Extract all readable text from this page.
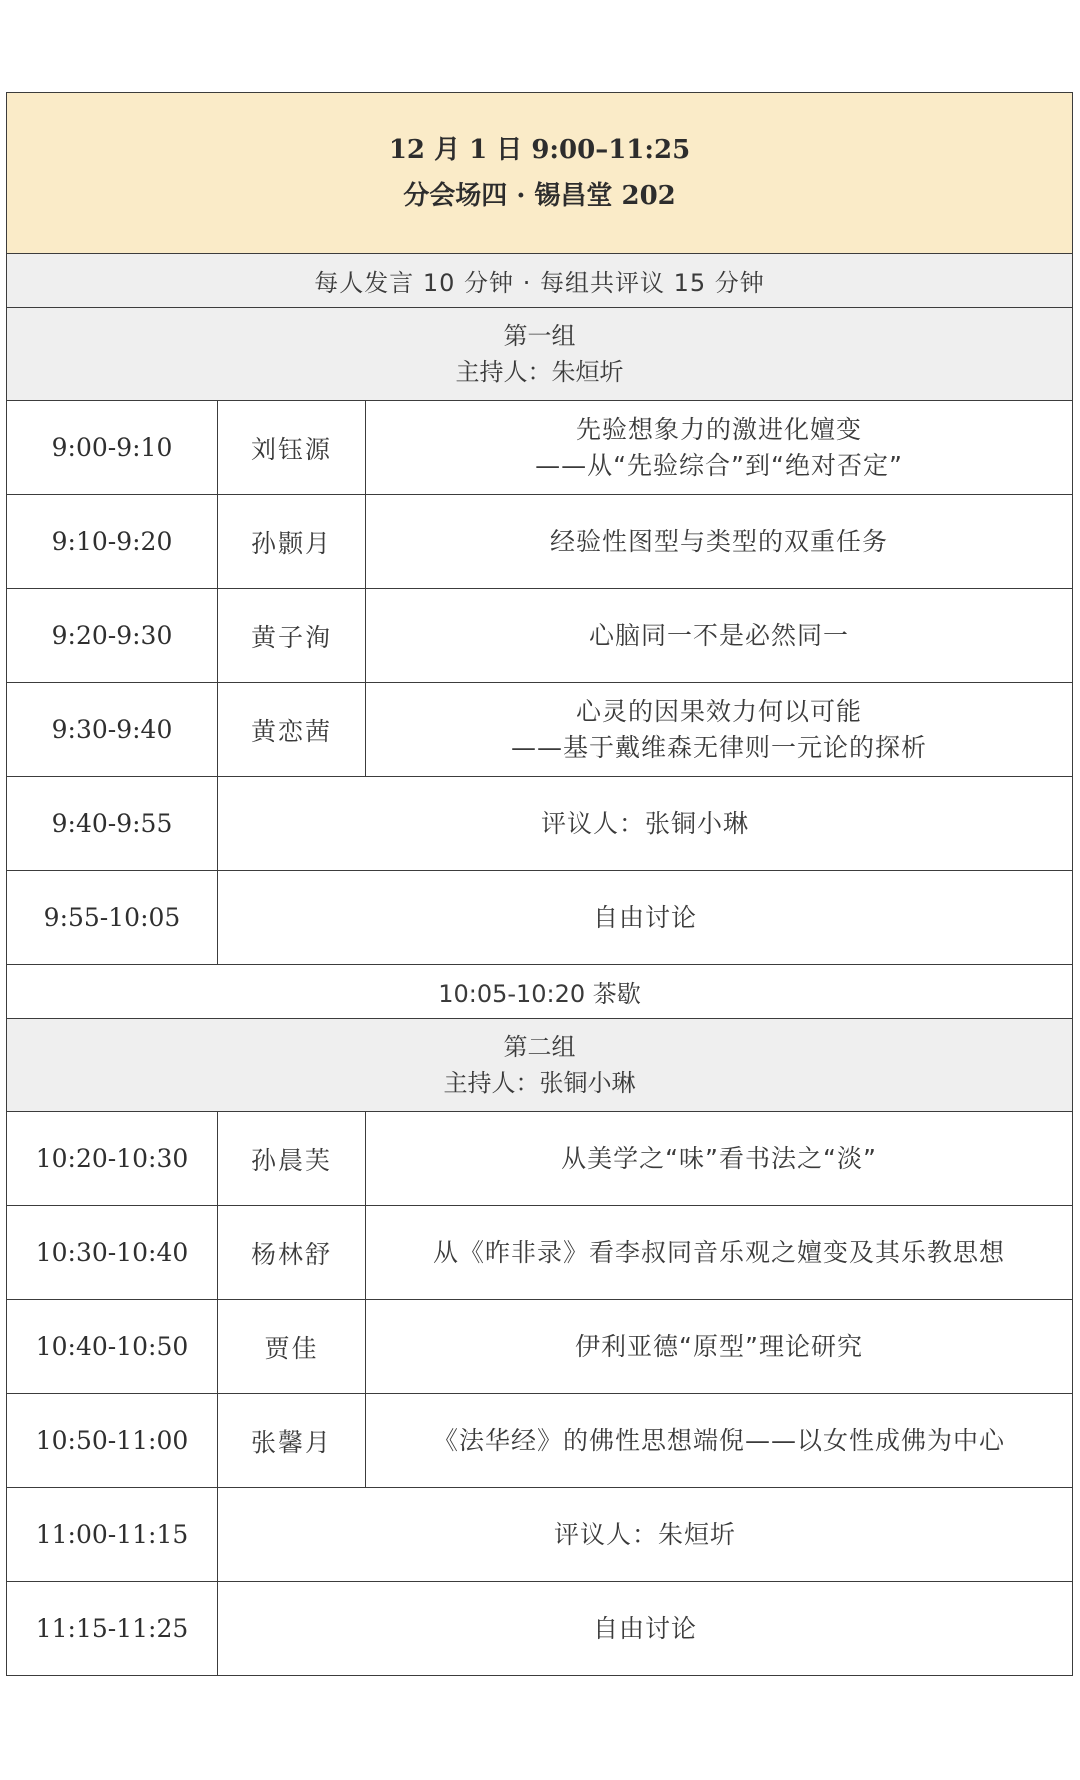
12 月 1 日 9:00–11:25
分会场四 · 锡昌堂 202		

每人发言 10 分钟 · 每组共评议 15 分钟		

第一组
主持人：朱烜圻		

9:00-9:10	刘钰源	先验想象力的激进化嬗变
——从“先验综合”到“绝对否定”

9:10-9:20	孙颢月	经验性图型与类型的双重任务
9:20-9:30	黄子洵	心脑同一不是必然同一
9:30-9:40	黄恋茜	心灵的因果效力何以可能
——基于戴维森无律则一元论的探析

9:40-9:55	评议人：张铜小琳	
9:55-10:05	自由讨论	
10:05-10:20 茶歇		

第二组
主持人：张铜小琳		

10:20-10:30	孙晨芙	从美学之“味”看书法之“淡”
10:30-10:40	杨林舒	从《昨非录》看李叔同音乐观之嬗变及其乐教思想
10:40-10:50	贾佳	伊利亚德“原型”理论研究
10:50-11:00	张馨月	《法华经》的佛性思想端倪——以女性成佛为中心
11:00-11:15	评议人：朱烜圻	
11:15-11:25	自由讨论	
